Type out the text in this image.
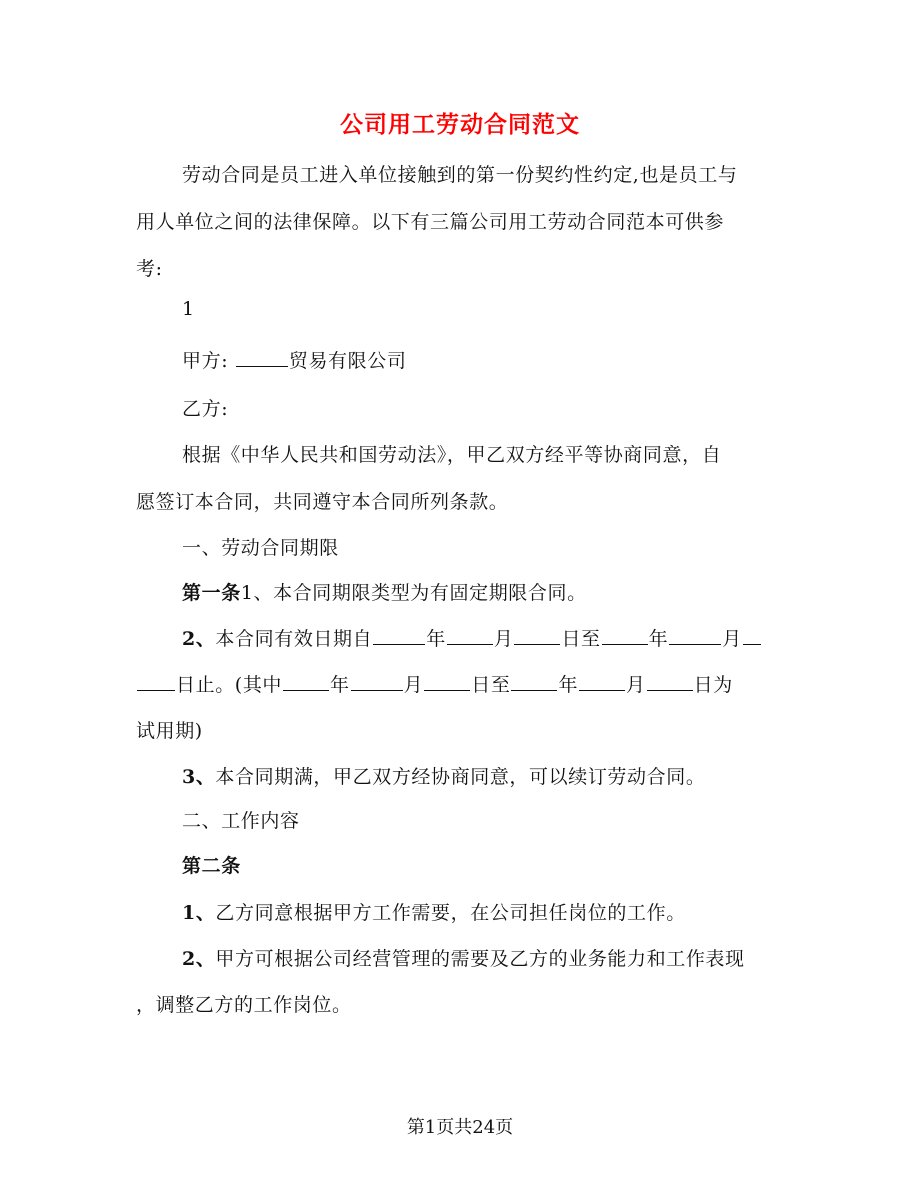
公司用工劳动合同范文
劳动合同是员工进入单位接触到的第一份契约性约定,也是员工与
用人单位之间的法律保障。以下有三篇公司用工劳动合同范本可供参
考:
1
甲方:	贸易有限公司
乙方:
根据《中华人民共和国劳动法》，甲乙双方经平等协商同意，自
愿签订本合同，共同遵守本合同所列条款。
一、劳动合同期限
第一条1、本合同期限类型为有固定期限合同。
2、本合同有效日期自	年	月	日至	年	月
日止。(其中	年	月	日至	年	月	日为
试用期)
3、本合同期满，甲乙双方经协商同意，可以续订劳动合同。
二、工作内容
第二条
1、乙方同意根据甲方工作需要，在公司担任岗位的工作。
2、甲方可根据公司经营管理的需要及乙方的业务能力和工作表现
，调整乙方的工作岗位。
第1页共24页
